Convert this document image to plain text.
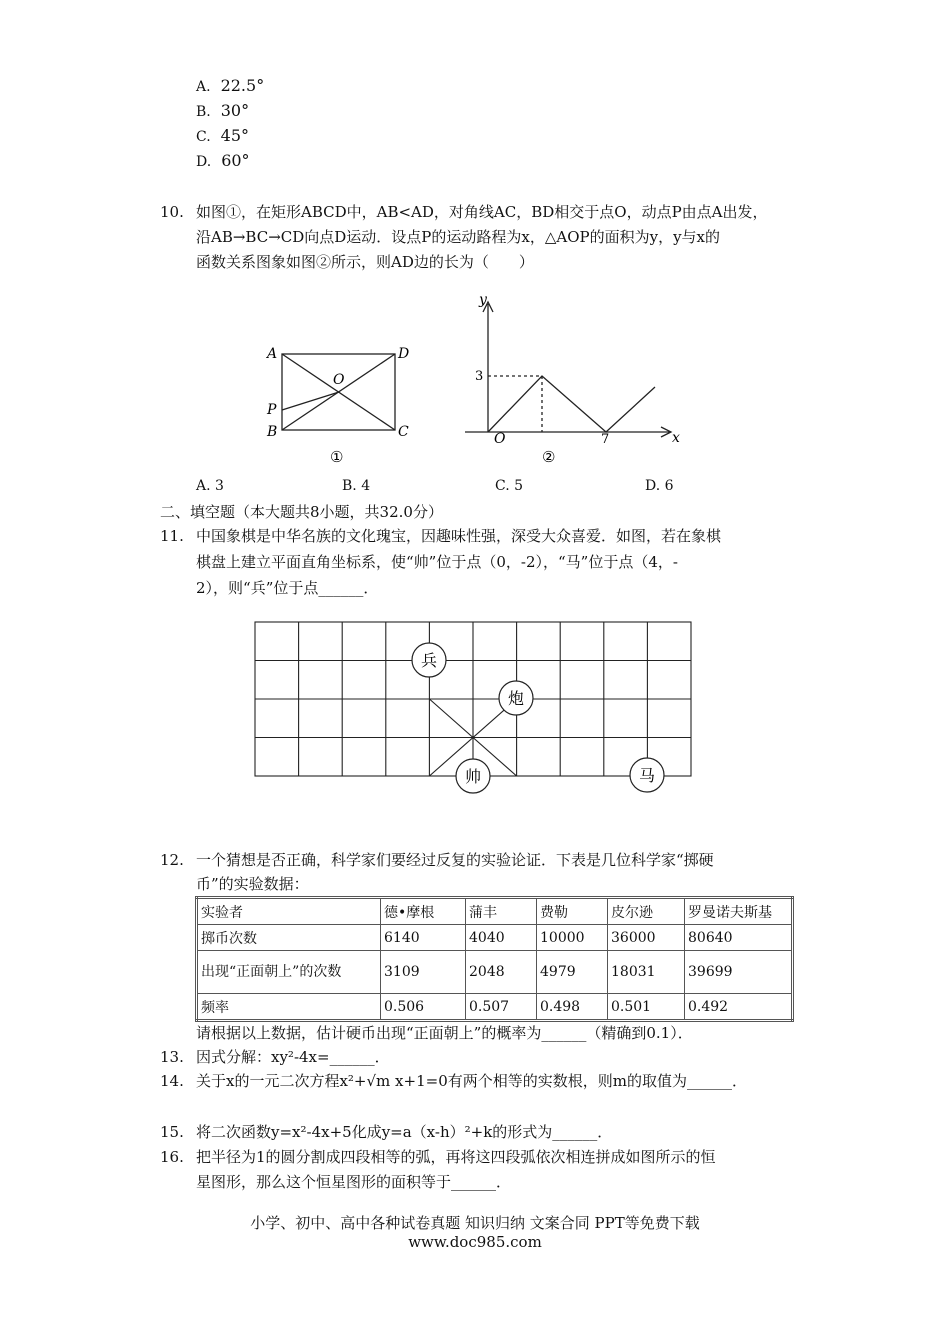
A. 22.5°
B. 30°
C. 45°
D. 60°
10. 如图①，在矩形ABCD中，AB<AD，对角线AC，BD相交于点O，动点P由点A出发，
沿AB→BC→CD向点D运动．设点P的运动路程为x，△AOP的面积为y，y与x的
函数关系图象如图②所示，则AD边的长为（　　）
A	D
O
P
B	C
①
y
x
O
3
7
②
A. 3	B. 4	C. 5	D. 6
二、填空题（本大题共8小题，共32.0分）
11. 中国象棋是中华名族的文化瑰宝，因趣味性强，深受大众喜爱．如图，若在象棋
棋盘上建立平面直角坐标系，使“帅”位于点（0，-2），“马”位于点（4，-
2），则“兵”位于点______．
兵
炮
帅	马
12. 一个猜想是否正确，科学家们要经过反复的实验论证．下表是几位科学家“掷硬
币”的实验数据：
实验者	德•摩根	蒲丰	费勒	皮尔逊	罗曼诺夫斯基
掷币次数	6140	4040	10000	36000	80640
出现“正面朝上”的次数	3109	2048	4979	18031	39699
频率	0.506	0.507	0.498	0.501	0.492
请根据以上数据，估计硬币出现“正面朝上”的概率为______（精确到0.1）．
13. 因式分解：xy²-4x=______．
14. 关于x的一元二次方程x²+√m x+1=0有两个相等的实数根，则m的取值为______．
15. 将二次函数y=x²-4x+5化成y=a（x-h）²+k的形式为______．
16. 把半径为1的圆分割成四段相等的弧，再将这四段弧依次相连拼成如图所示的恒
星图形，那么这个恒星图形的面积等于______．
小学、初中、高中各种试卷真题 知识归纳 文案合同 PPT等免费下载
www.doc985.com
